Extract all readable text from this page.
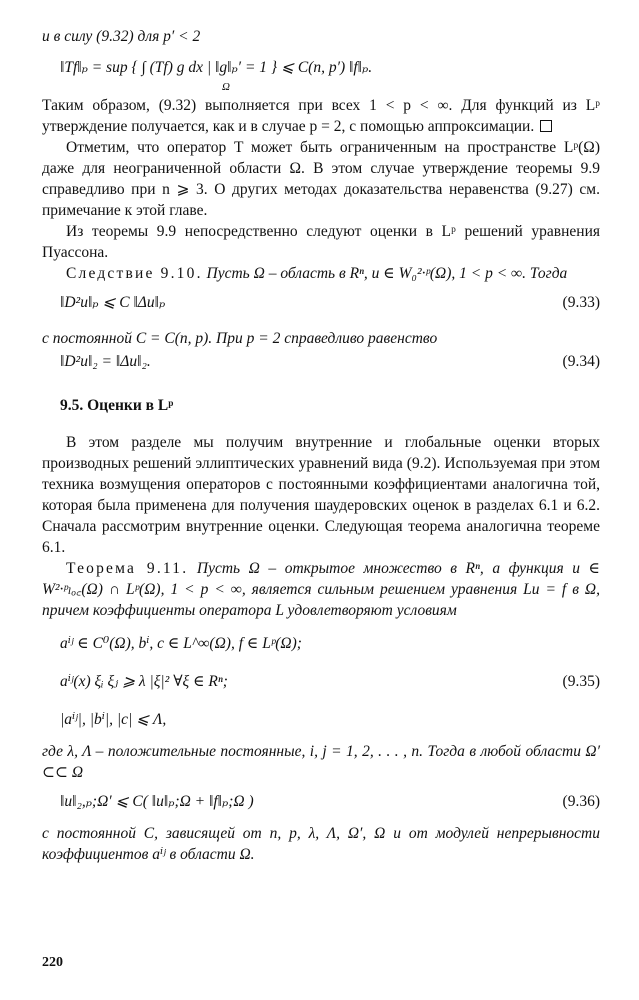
и в силу (9.32) для p′ < 2

‖Tf‖ₚ = sup { ∫ (Tf) g dx | ‖g‖ₚ′ = 1 } ⩽ C(n, p′) ‖f‖ₚ.
Ω

Таким образом, (9.32) выполняется при всех 1 < p < ∞. Для функций из Lᵖ утверждение получается, как и в случае p = 2, с помощью аппроксимации.

Отметим, что оператор T может быть ограниченным на пространстве Lᵖ(Ω) даже для неограниченной области Ω. В этом случае утверждение теоремы 9.9 справедливо при n ⩾ 3. О других методах доказательства неравенства (9.27) см. примечание к этой главе.

Из теоремы 9.9 непосредственно следуют оценки в Lᵖ решений уравнения Пуассона.

Следствие 9.10. Пусть Ω – область в Rⁿ, u ∈ W₀²·ᵖ(Ω), 1 < p < ∞. Тогда

‖D²u‖ₚ ⩽ C ‖Δu‖ₚ	(9.33)

с постоянной C = C(n, p). При p = 2 справедливо равенство

‖D²u‖₂ = ‖Δu‖₂.	(9.34)
9.5. Оценки в Lᵖ

В этом разделе мы получим внутренние и глобальные оценки вторых производных решений эллиптических уравнений вида (9.2). Используемая при этом техника возмущения операторов с постоянными коэффициентами аналогична той, которая была применена для получения шаудеровских оценок в разделах 6.1 и 6.2. Сначала рассмотрим внутренние оценки. Следующая теорема аналогична теореме 6.1.

Теорема 9.11. Пусть Ω – открытое множество в Rⁿ, а функция u ∈ W²·ᵖₗₒ꜀(Ω) ∩ Lᵖ(Ω), 1 < p < ∞, является сильным решением уравнения Lu = f в Ω, причем коэффициенты оператора L удовлетворяют условиям

aⁱʲ ∈ C⁰(Ω), bⁱ, c ∈ L^∞(Ω), f ∈ Lᵖ(Ω);
aⁱʲ(x) ξᵢ ξⱼ ⩾ λ |ξ|² ∀ξ ∈ Rⁿ;	(9.35)
|aⁱʲ|, |bⁱ|, |c| ⩽ Λ,

где λ, Λ – положительные постоянные, i, j = 1, 2, . . . , n. Тогда в любой области Ω′ ⊂⊂ Ω

‖u‖₂,ₚ;Ω′ ⩽ C( ‖u‖ₚ;Ω + ‖f‖ₚ;Ω )	(9.36)

с постоянной C, зависящей от n, p, λ, Λ, Ω′, Ω и от модулей непрерывности коэффициентов aⁱʲ в области Ω.

220
